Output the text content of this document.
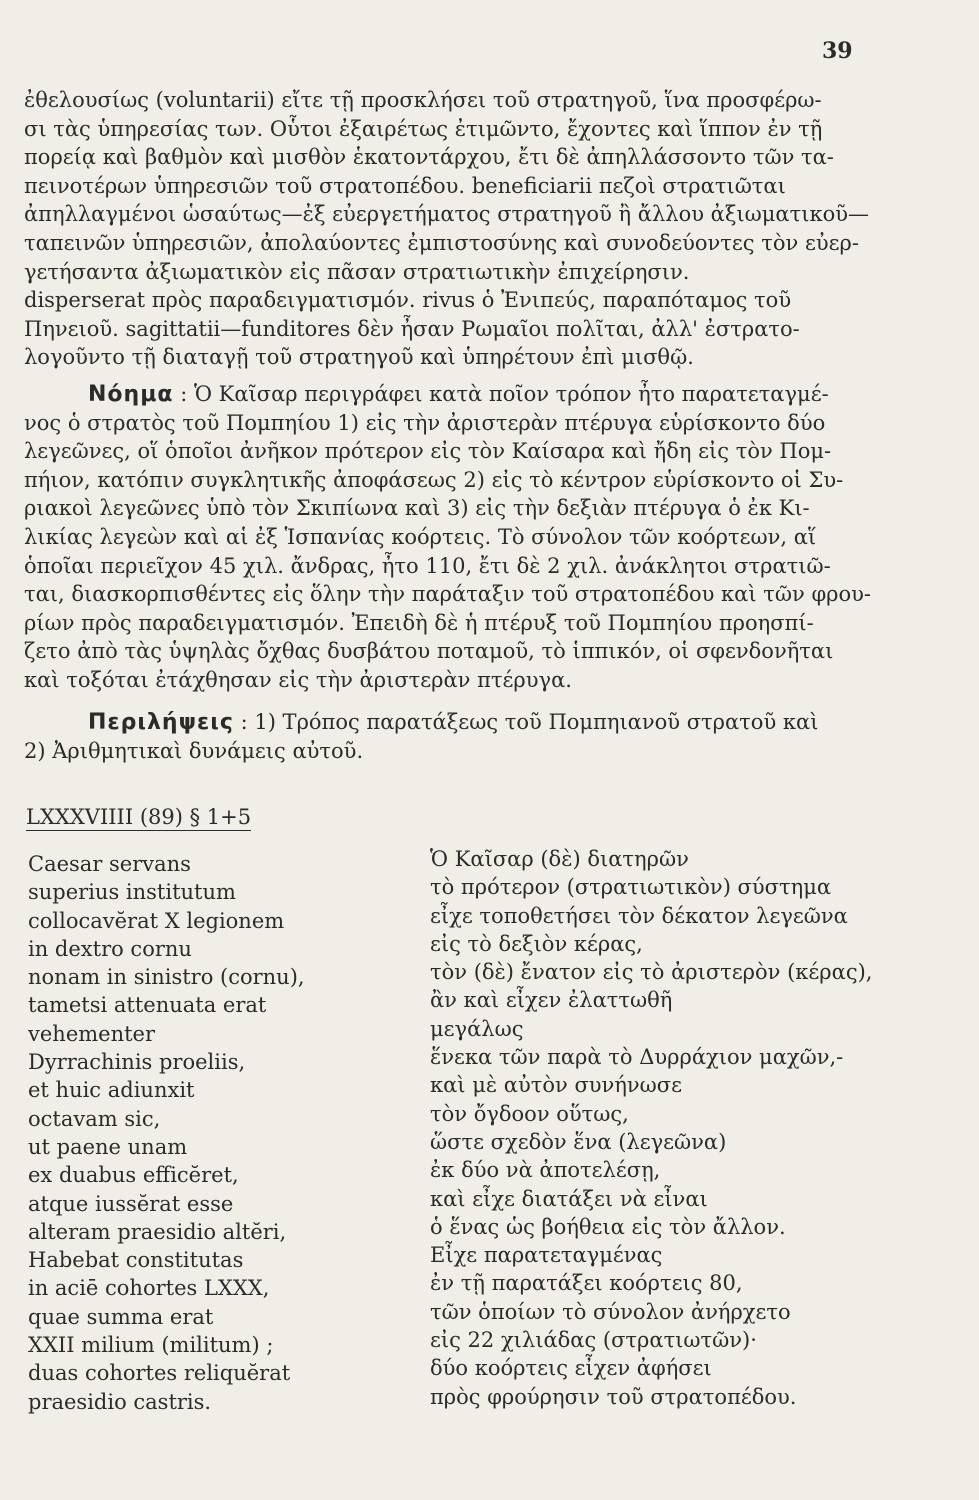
39
ἐθελουσίως (voluntarii) εἴτε τῇ προσκλήσει τοῦ στρατηγοῦ, ἵνα προσφέρω-
σι τὰς ὑπηρεσίας των. Οὗτοι ἐξαιρέτως ἐτιμῶντο, ἔχοντες καὶ ἵππον ἐν τῇ
πορείᾳ καὶ βαθμὸν καὶ μισθὸν ἑκατοντάρχου, ἔτι δὲ ἀπηλλάσσοντο τῶν τα-
πεινοτέρων ὑπηρεσιῶν τοῦ στρατοπέδου. beneficiarii πεζοὶ στρατιῶται
ἀπηλλαγμένοι ὡσαύτως—ἐξ εὐεργετήματος στρατηγοῦ ἢ ἄλλου ἀξιωματικοῦ—
ταπεινῶν ὑπηρεσιῶν, ἀπολαύοντες ἐμπιστοσύνης καὶ συνοδεύοντες τὸν εὐερ-
γετήσαντα ἀξιωματικὸν εἰς πᾶσαν στρατιωτικὴν ἐπιχείρησιν.
disperserat πρὸς παραδειγματισμόν. rivus ὁ Ἐνιπεύς, παραπόταμος τοῦ
Πηνειοῦ. sagittatii—funditores δὲν ἦσαν Ρωμαῖοι πολῖται, ἀλλ' ἐστρατο-
λογοῦντο τῇ διαταγῇ τοῦ στρατηγοῦ καὶ ὑπηρέτουν ἐπὶ μισθῷ.
Νόημα : Ὁ Καῖσαρ περιγράφει κατὰ ποῖον τρόπον ἦτο παρατεταγμέ-
νος ὁ στρατὸς τοῦ Πομπηίου 1) εἰς τὴν ἀριστερὰν πτέρυγα εὑρίσκοντο δύο
λεγεῶνες, οἵ ὁποῖοι ἀνῆκον πρότερον εἰς τὸν Καίσαρα καὶ ἤδη εἰς τὸν Πομ-
πήιον, κατόπιν συγκλητικῆς ἀποφάσεως 2) εἰς τὸ κέντρον εὑρίσκοντο οἱ Συ-
ριακοὶ λεγεῶνες ὑπὸ τὸν Σκιπίωνα καὶ 3) εἰς τὴν δεξιὰν πτέρυγα ὁ ἐκ Κι-
λικίας λεγεὼν καὶ αἱ ἐξ Ἱσπανίας κοόρτεις. Τὸ σύνολον τῶν κοόρτεων, αἵ
ὁποῖαι περιεῖχον 45 χιλ. ἄνδρας, ἦτο 110, ἔτι δὲ 2 χιλ. ἀνάκλητοι στρατιῶ-
ται, διασκορπισθέντες εἰς ὅλην τὴν παράταξιν τοῦ στρατοπέδου καὶ τῶν φρου-
ρίων πρὸς παραδειγματισμόν. Ἐπειδὴ δὲ ἡ πτέρυξ τοῦ Πομπηίου προησπί-
ζετο ἀπὸ τὰς ὑψηλὰς ὄχθας δυσβάτου ποταμοῦ, τὸ ἱππικόν, οἱ σφενδονῆται
καὶ τοξόται ἐτάχθησαν εἰς τὴν ἀριστερὰν πτέρυγα.
Περιλήψεις : 1) Τρόπος παρατάξεως τοῦ Πομπηιανοῦ στρατοῦ καὶ
2) Ἀριθμητικαὶ δυνάμεις αὐτοῦ.
LXXXVIIII (89) § 1+5
Caesar servans
superius institutum
collocavĕrat X legionem
in dextro cornu
nonam in sinistro (cornu),
tametsi attenuata erat
vehementer
Dyrrachinis proeliis,
et huic adiunxit
octavam sic,
ut paene unam
ex duabus efficĕret,
atque iussĕrat esse
alteram praesidio altĕri,
Habebat constitutas
in aciē cohortes LXXX,
quae summa erat
XXII milium (militum) ;
duas cohortes reliquĕrat
praesidio castris.
Ὁ Καῖσαρ (δὲ) διατηρῶν
τὸ πρότερον (στρατιωτικὸν) σύστημα
εἶχε τοποθετήσει τὸν δέκατον λεγεῶνα
εἰς τὸ δεξιὸν κέρας,
τὸν (δὲ) ἔνατον εἰς τὸ ἀριστερὸν (κέρας),
ἂν καὶ εἶχεν ἐλαττωθῆ
μεγάλως
ἕνεκα τῶν παρὰ τὸ Δυρράχιον μαχῶν,-
καὶ μὲ αὐτὸν συνήνωσε
τὸν ὄγδοον οὕτως,
ὥστε σχεδὸν ἕνα (λεγεῶνα)
ἐκ δύο νὰ ἀποτελέσῃ,
καὶ εἶχε διατάξει νὰ εἶναι
ὁ ἕνας ὡς βοήθεια εἰς τὸν ἄλλον.
Εἶχε παρατεταγμένας
ἐν τῇ παρατάξει κοόρτεις 80,
τῶν ὁποίων τὸ σύνολον ἀνήρχετο
εἰς 22 χιλιάδας (στρατιωτῶν)·
δύο κοόρτεις εἶχεν ἀφήσει
πρὸς φρούρησιν τοῦ στρατοπέδου.
